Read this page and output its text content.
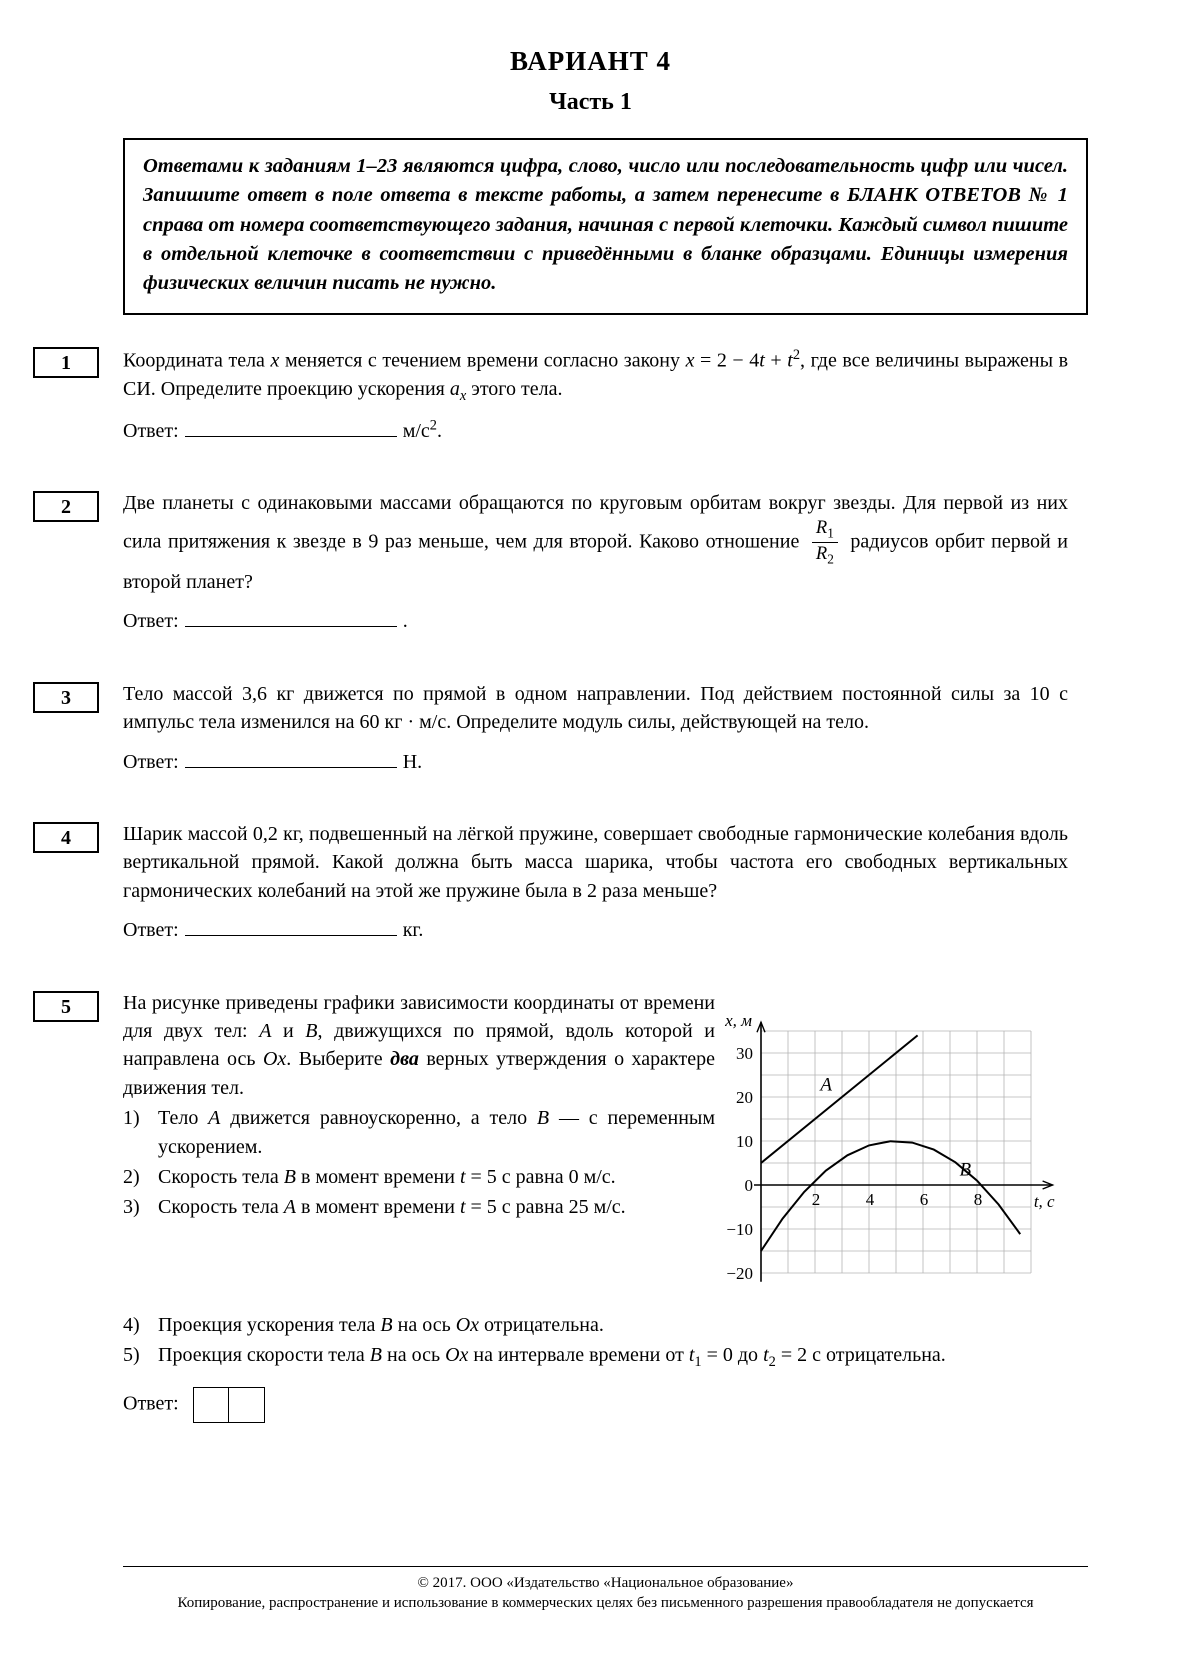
ВАРИАНТ 4
Часть 1
Ответами к заданиям 1–23 являются цифра, слово, число или последовательность цифр или чисел. Запишите ответ в поле ответа в тексте работы, а затем перенесите в БЛАНК ОТВЕТОВ № 1 справа от номера соответствующего задания, начиная с первой клеточки. Каждый символ пишите в отдельной клеточке в соответствии с приведёнными в бланке образцами. Единицы измерения физических величин писать не нужно.
1	Координата тела x меняется с течением времени согласно закону $x = 2 - 4t + t^2$, где все величины выражены в СИ. Определите проекцию ускорения $a_x$ этого тела.
Ответ:	$м/с^2$.
2	Две планеты с одинаковыми массами обращаются по круговым орбитам вокруг звезды. Для первой из них сила притяжения к звезде в 9 раз меньше, чем для второй. Каково отношение $\frac{R_1}{R_2}$ радиусов орбит первой и второй планет?
Ответ:	.
3	Тело массой 3,6 кг движется по прямой в одном направлении. Под действием постоянной силы за 10 с импульс тела изменился на 60 кг · м/с. Определите модуль силы, действующей на тело.
Ответ:	Н.
4	Шарик массой 0,2 кг, подвешенный на лёгкой пружине, совершает свободные гармонические колебания вдоль вертикальной прямой. Какой должна быть масса шарика, чтобы частота его свободных вертикальных гармонических колебаний на этой же пружине была в 2 раза меньше?
Ответ:	кг.
5	На рисунке приведены графики зависимости координаты от времени для двух тел: A и B, движущихся по прямой, вдоль которой и направлена ось Ox. Выберите два верных утверждения о характере движения тел.
1) Тело A движется равноускоренно, а тело B — с переменным ускорением.
2) Скорость тела B в момент времени t = 5 с равна 0 м/с.
3) Скорость тела A в момент времени t = 5 с равна 25 м/с.
30
20
10
0
−10
−20
2	4	6	8
x, м
t, с
A
B
4) Проекция ускорения тела B на ось Ox отрицательна.
5) Проекция скорости тела B на ось Ox на интервале времени от $t_1 = 0$ до $t_2 = 2$ с отрицательна.
Ответ:
© 2017. ООО «Издательство «Национальное образование»
Копирование, распространение и использование в коммерческих целях без письменного разрешения правообладателя не допускается
